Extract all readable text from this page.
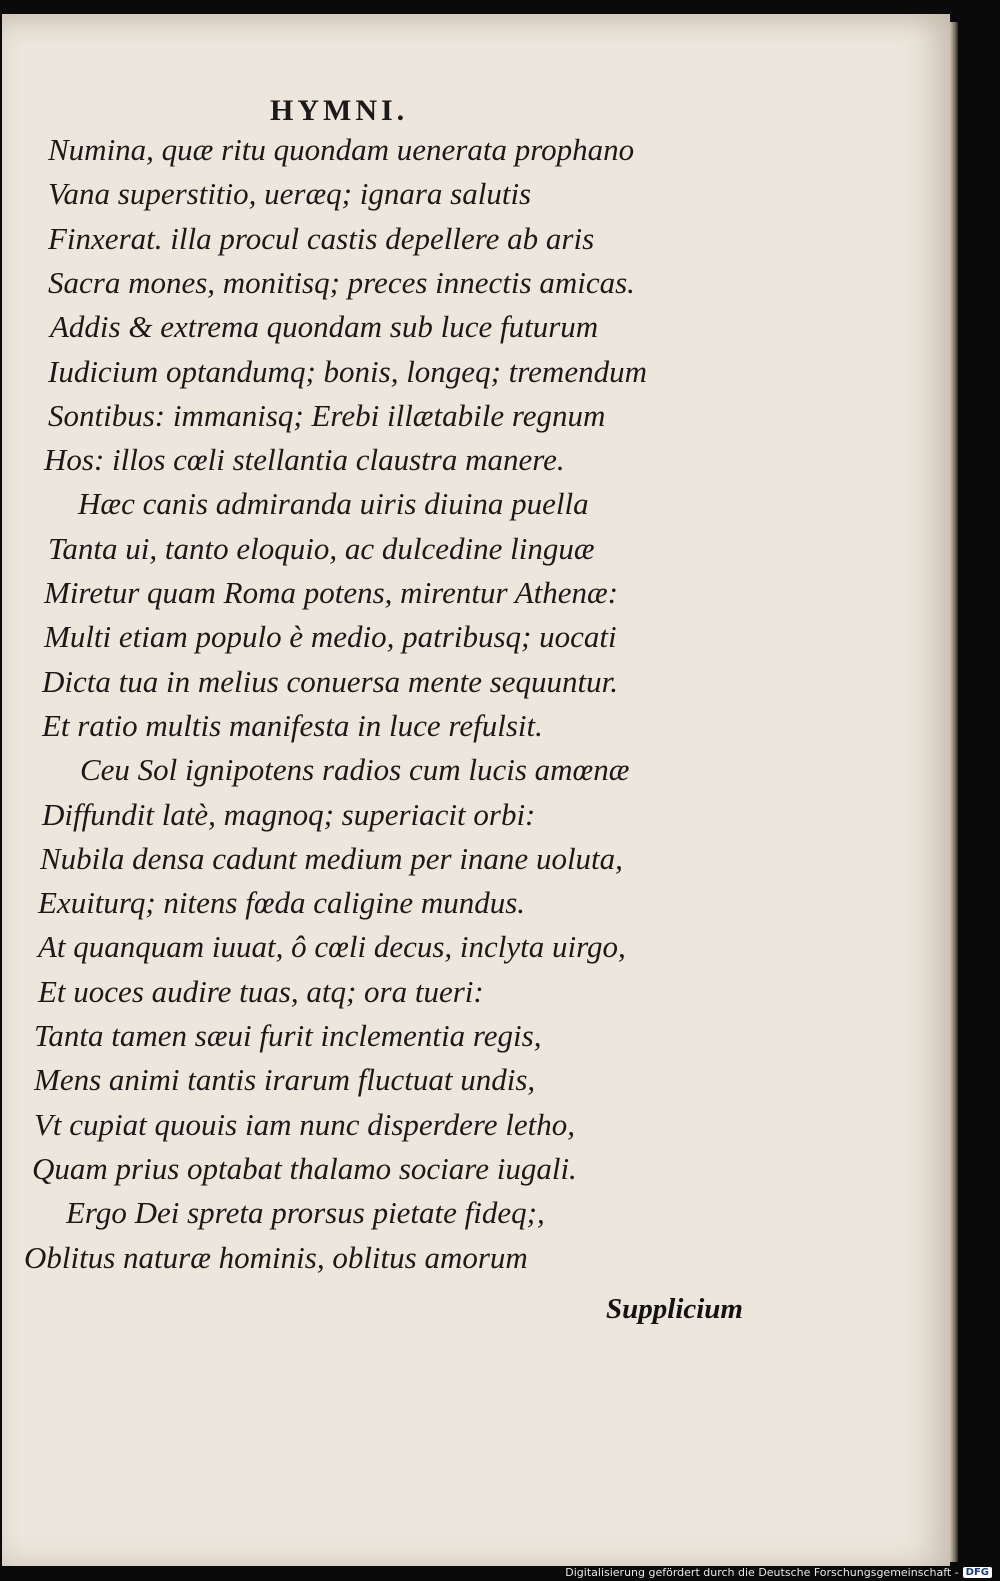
HYMNI.
Numina, quæ ritu quondam uenerata prophano
Vana superstitio, ueræq; ignara salutis
Finxerat. illa procul castis depellere ab aris
Sacra mones, monitisq; preces innectis amicas.
Addis & extrema quondam sub luce futurum
Iudicium optandumq; bonis, longeq; tremendum
Sontibus: immanisq; Erebi illætabile regnum
Hos: illos cœli stellantia claustra manere.
Hæc canis admiranda uiris diuina puella
Tanta ui, tanto eloquio, ac dulcedine linguæ
Miretur quam Roma potens, mirentur Athenæ:
Multi etiam populo è medio, patribusq; uocati
Dicta tua in melius conuersa mente sequuntur.
Et ratio multis manifesta in luce refulsit.
Ceu Sol ignipotens radios cum lucis amœnæ
Diffundit latè, magnoq; superiacit orbi:
Nubila densa cadunt medium per inane uoluta,
Exuiturq; nitens fœda caligine mundus.
At quanquam iuuat, ô cœli decus, inclyta uirgo,
Et uoces audire tuas, atq; ora tueri:
Tanta tamen sæui furit inclementia regis,
Mens animi tantis irarum fluctuat undis,
Vt cupiat quouis iam nunc disperdere letho,
Quam prius optabat thalamo sociare iugali.
Ergo Dei spreta prorsus pietate fideq;,
Oblitus naturæ hominis, oblitus amorum
Supplicium
Digitalisierung gefördert durch die Deutsche Forschungsgemeinschaft - DFG
